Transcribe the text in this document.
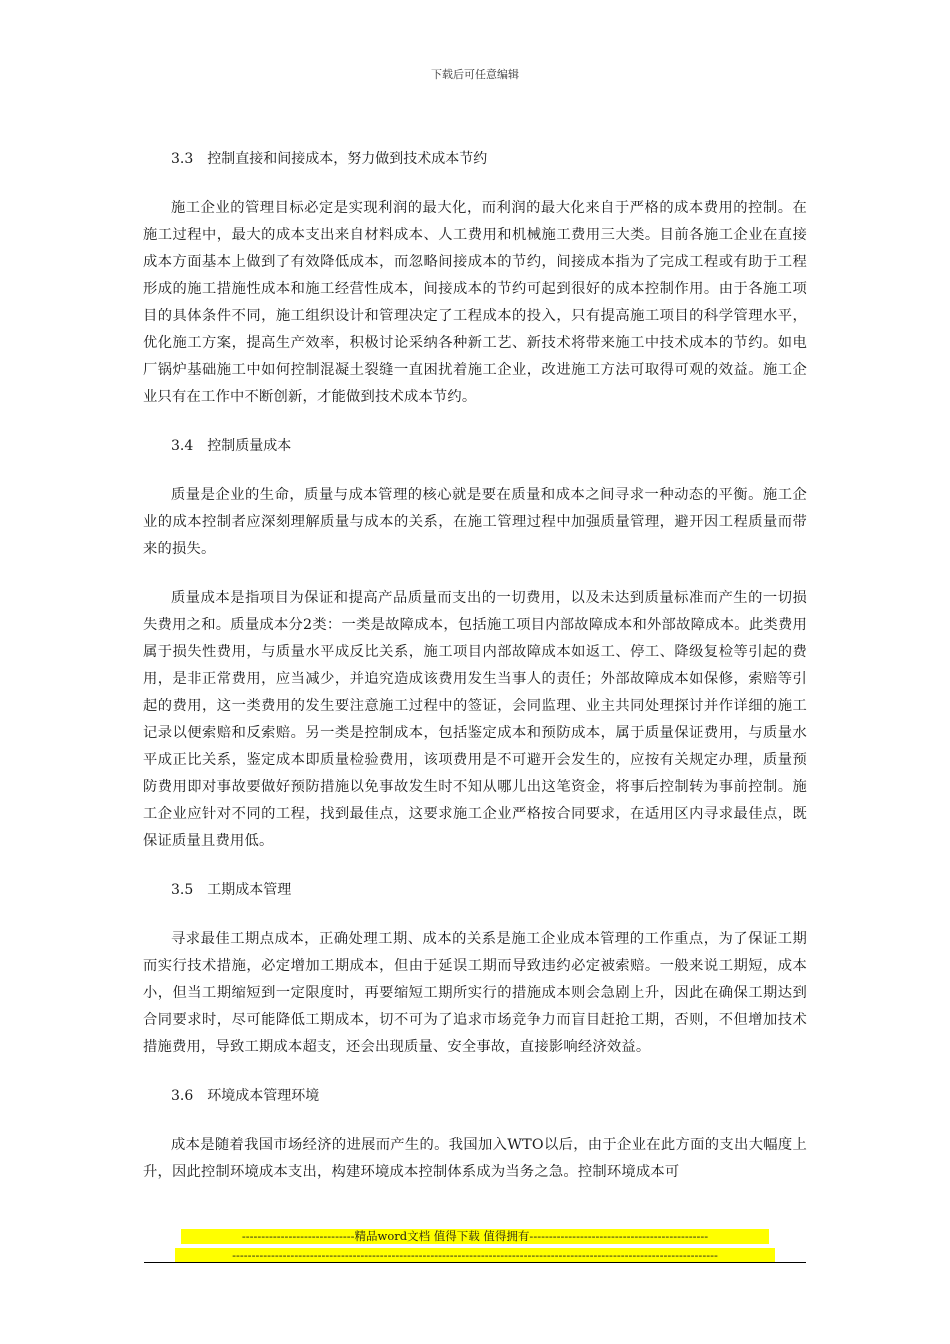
下载后可任意编辑
3.3　控制直接和间接成本，努力做到技术成本节约

施工企业的管理目标必定是实现利润的最大化，而利润的最大化来自于严格的成本费用的控制。在施工过程中，最大的成本支出来自材料成本、人工费用和机械施工费用三大类。目前各施工企业在直接成本方面基本上做到了有效降低成本，而忽略间接成本的节约，间接成本指为了完成工程或有助于工程形成的施工措施性成本和施工经营性成本，间接成本的节约可起到很好的成本控制作用。由于各施工项目的具体条件不同，施工组织设计和管理决定了工程成本的投入，只有提高施工项目的科学管理水平，优化施工方案，提高生产效率，积极讨论采纳各种新工艺、新技术将带来施工中技术成本的节约。如电厂锅炉基础施工中如何控制混凝土裂缝一直困扰着施工企业，改进施工方法可取得可观的效益。施工企业只有在工作中不断创新，才能做到技术成本节约。

3.4　控制质量成本

质量是企业的生命，质量与成本管理的核心就是要在质量和成本之间寻求一种动态的平衡。施工企业的成本控制者应深刻理解质量与成本的关系，在施工管理过程中加强质量管理，避开因工程质量而带来的损失。

质量成本是指项目为保证和提高产品质量而支出的一切费用，以及未达到质量标准而产生的一切损失费用之和。质量成本分2类：一类是故障成本，包括施工项目内部故障成本和外部故障成本。此类费用属于损失性费用，与质量水平成反比关系，施工项目内部故障成本如返工、停工、降级复检等引起的费用，是非正常费用，应当减少，并追究造成该费用发生当事人的责任；外部故障成本如保修，索赔等引起的费用，这一类费用的发生要注意施工过程中的签证，会同监理、业主共同处理探讨并作详细的施工记录以便索赔和反索赔。另一类是控制成本，包括鉴定成本和预防成本，属于质量保证费用，与质量水平成正比关系，鉴定成本即质量检验费用，该项费用是不可避开会发生的，应按有关规定办理，质量预防费用即对事故要做好预防措施以免事故发生时不知从哪儿出这笔资金，将事后控制转为事前控制。施工企业应针对不同的工程，找到最佳点，这要求施工企业严格按合同要求，在适用区内寻求最佳点，既保证质量且费用低。

3.5　工期成本管理

寻求最佳工期点成本，正确处理工期、成本的关系是施工企业成本管理的工作重点，为了保证工期而实行技术措施，必定增加工期成本，但由于延误工期而导致违约必定被索赔。一般来说工期短，成本小，但当工期缩短到一定限度时，再要缩短工期所实行的措施成本则会急剧上升，因此在确保工期达到合同要求时，尽可能降低工期成本，切不可为了追求市场竞争力而盲目赶抢工期，否则，不但增加技术措施费用，导致工期成本超支，还会出现质量、安全事故，直接影响经济效益。

3.6　环境成本管理环境

成本是随着我国市场经济的进展而产生的。我国加入WTO以后，由于企业在此方面的支出大幅度上升，因此控制环境成本支出，构建环境成本控制体系成为当务之急。控制环境成本可

-----------------------------精品word文档 值得下载 值得拥有----------------------------------------------
-----------------------------------------------------------------------------------------------------------------------------
